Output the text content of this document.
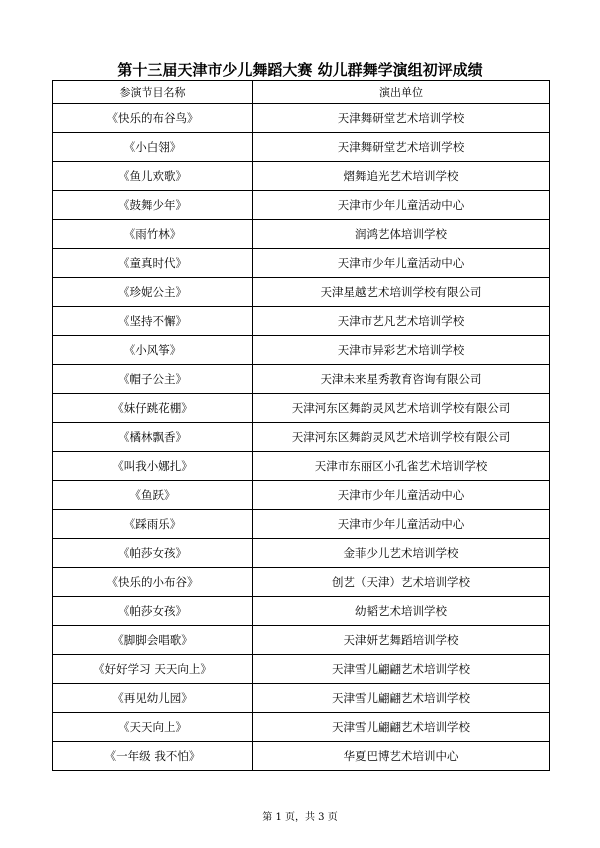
第十三届天津市少儿舞蹈大赛 幼儿群舞学演组初评成绩
参演节目名称	演出单位
《快乐的布谷鸟》	天津舞研堂艺术培训学校
《小白翎》	天津舞研堂艺术培训学校
《鱼儿欢歌》	熠舞追光艺术培训学校
《鼓舞少年》	天津市少年儿童活动中心
《雨竹林》	润鸿艺体培训学校
《童真时代》	天津市少年儿童活动中心
《珍妮公主》	天津星越艺术培训学校有限公司
《坚持不懈》	天津市艺凡艺术培训学校
《小风筝》	天津市异彩艺术培训学校
《帽子公主》	天津未来星秀教育咨询有限公司
《妹仔跳花棚》	天津河东区舞韵灵风艺术培训学校有限公司
《橘林飘香》	天津河东区舞韵灵风艺术培训学校有限公司
《叫我小娜扎》	天津市东丽区小孔雀艺术培训学校
《鱼跃》	天津市少年儿童活动中心
《踩雨乐》	天津市少年儿童活动中心
《帕莎女孩》	金菲少儿艺术培训学校
《快乐的小布谷》	创艺（天津）艺术培训学校
《帕莎女孩》	幼韬艺术培训学校
《脚脚会唱歌》	天津妍艺舞蹈培训学校
《好好学习 天天向上》	天津雪儿翩翩艺术培训学校
《再见幼儿园》	天津雪儿翩翩艺术培训学校
《天天向上》	天津雪儿翩翩艺术培训学校
《一年级 我不怕》	华夏巴博艺术培训中心
第 1 页，共 3 页
